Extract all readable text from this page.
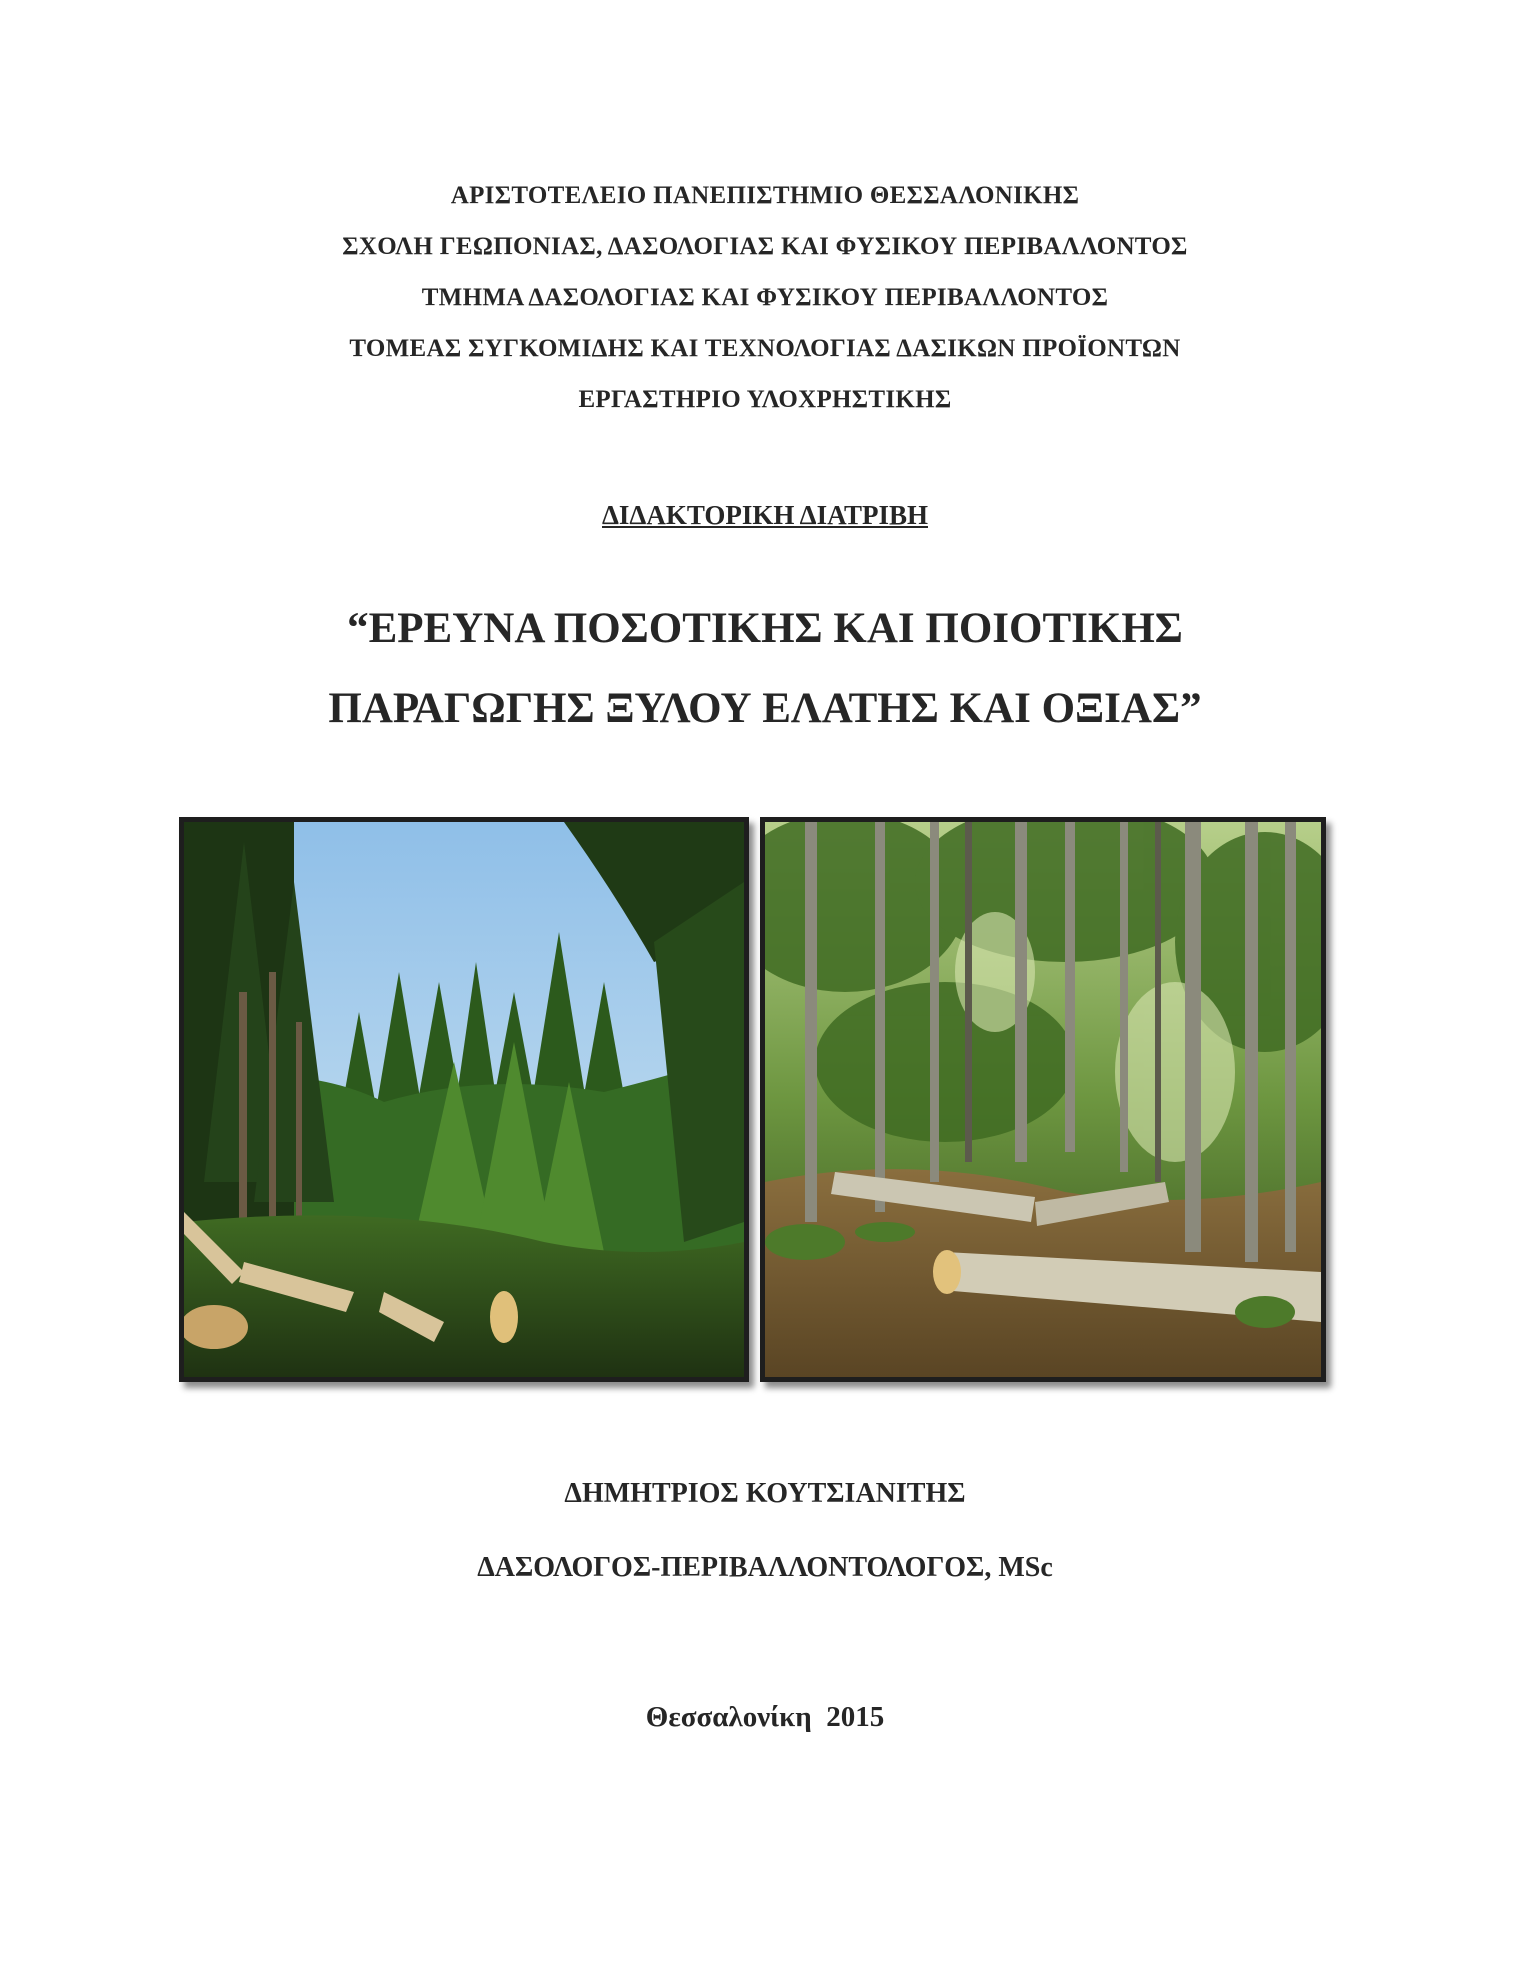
ΑΡΙΣΤΟΤΕΛΕΙΟ ΠΑΝΕΠΙΣΤΗΜΙΟ ΘΕΣΣΑΛΟΝΙΚΗΣ
ΣΧΟΛΗ ΓΕΩΠΟΝΙΑΣ, ΔΑΣΟΛΟΓΙΑΣ ΚΑΙ ΦΥΣΙΚΟΥ ΠΕΡΙΒΑΛΛΟΝΤΟΣ
ΤΜΗΜΑ ΔΑΣΟΛΟΓΙΑΣ ΚΑΙ ΦΥΣΙΚΟΥ ΠΕΡΙΒΑΛΛΟΝΤΟΣ
ΤΟΜΕΑΣ ΣΥΓΚΟΜΙΔΗΣ ΚΑΙ ΤΕΧΝΟΛΟΓΙΑΣ ΔΑΣΙΚΩΝ ΠΡΟΪΟΝΤΩΝ
ΕΡΓΑΣΤΗΡΙΟ ΥΛΟΧΡΗΣΤΙΚΗΣ
ΔΙΔΑΚΤΟΡΙΚΗ ΔΙΑΤΡΙΒΗ
“ΕΡΕΥΝΑ ΠΟΣΟΤΙΚΗΣ ΚΑΙ ΠΟΙΟΤΙΚΗΣ
ΠΑΡΑΓΩΓΗΣ ΞΥΛΟΥ ΕΛΑΤΗΣ ΚΑΙ ΟΞΙΑΣ”
ΔΗΜΗΤΡΙΟΣ ΚΟΥΤΣΙΑΝΙΤΗΣ
ΔΑΣΟΛΟΓΟΣ-ΠΕΡΙΒΑΛΛΟΝΤΟΛΟΓΟΣ, MSc
Θεσσαλονίκη  2015
